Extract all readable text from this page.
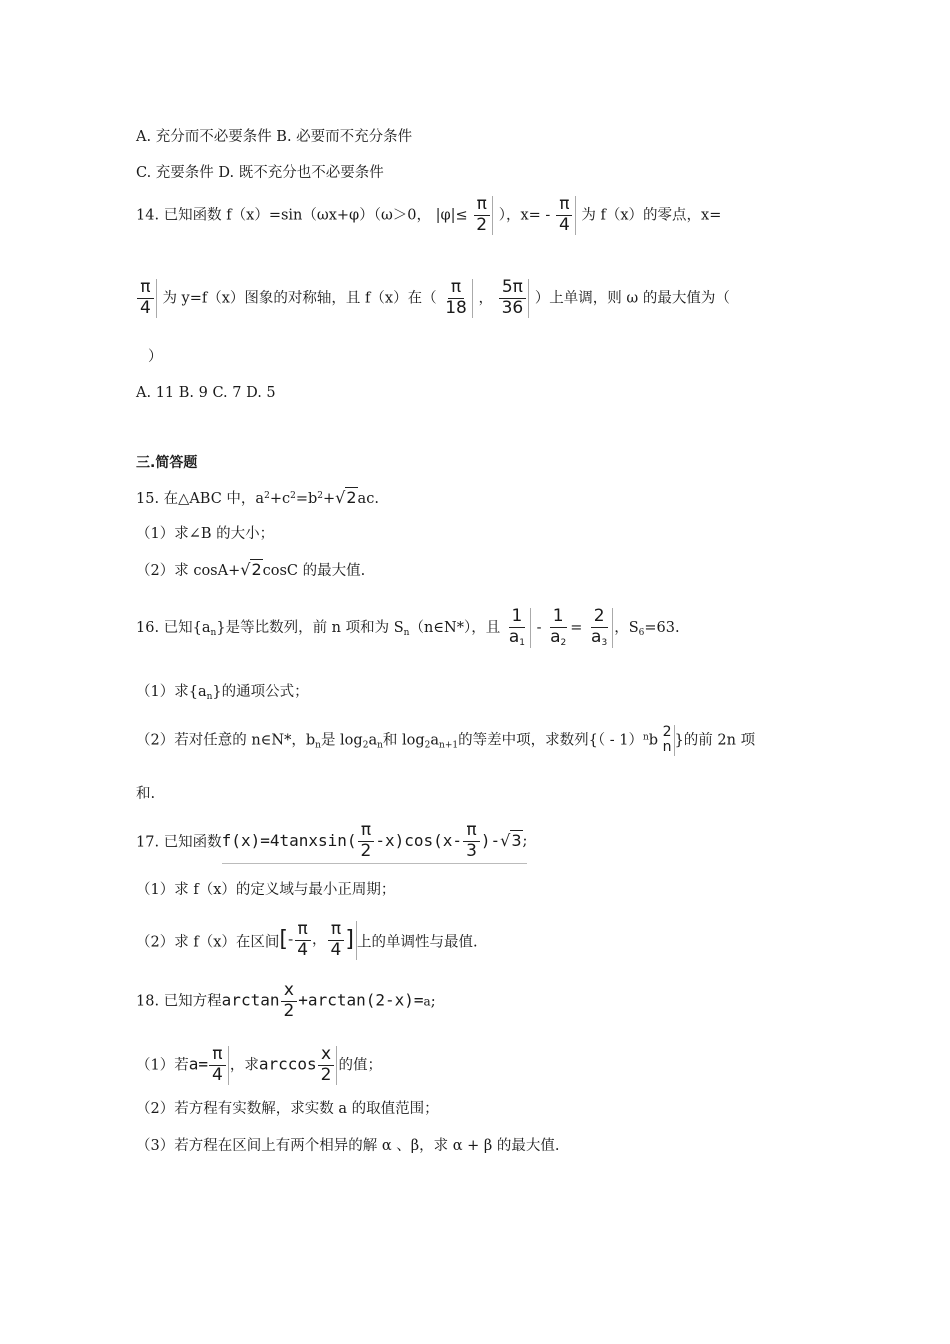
A. 充分而不必要条件 B. 必要而不充分条件
C. 充要条件 D. 既不充分也不必要条件
14. 已知函数 f（x）=sin（ωx+φ）（ω＞0， $|\varphi|\le \frac{\pi}{2}$ ），$x= - \frac{\pi}{4}$ 为 f（x）的零点，x=
$\frac{\pi}{4}$ 为 y=f（x）图象的对称轴，且 f（x）在（ $\frac{\pi}{18}$ ， $\frac{5\pi}{36}$ ）上单调，则 ω 的最大值为（
）
A. 11 B. 9 C. 7 D. 5
三.简答题
15. 在△ABC 中，$a^2+c^2=b^2+√2ac$.
（1）求∠B 的大小；
（2）求 cosA+√2cosC 的最大值.
16. 已知$\{a_n\}$是等比数列，前 n 项和为 $S_n(n\in N*)$，且 $\frac{1}{a_1} - \frac{1}{a_2} = \frac{2}{a_3}$ ，$S_6=63$.
（1）求$\{a_n\}$的通项公式；
（2）若对任意的 n∈N*，$b_n$是 $\log_2a_n$和 $\log_2a_{n+1}$的等差中项，求数列{（ - 1）$^n$b
2
n }的前 2n 项
和.
17. 已知函数 f(x)=4tanxsin( $\frac{\pi}{2} -x)\cos(x- \frac{\pi}{3}$ )- √3 ;
（1）求 f（x）的定义域与最小正周期；
（2）求 f（x）在区间 [ - $\frac{\pi}{4}$ ， $\frac{\pi}{4}$ ] 上的单调性与最值.
18. 已知方程$\arctan \frac{x}{2} +\arctan(2-x)=a$;
（1）若$a= \frac{\pi}{4}$ ，求$\arccos \frac{x}{2}$ 的值；
（2）若方程有实数解，求实数 a 的取值范围；
（3）若方程在区间上有两个相异的解 α 、β，求 α + β 的最大值.
